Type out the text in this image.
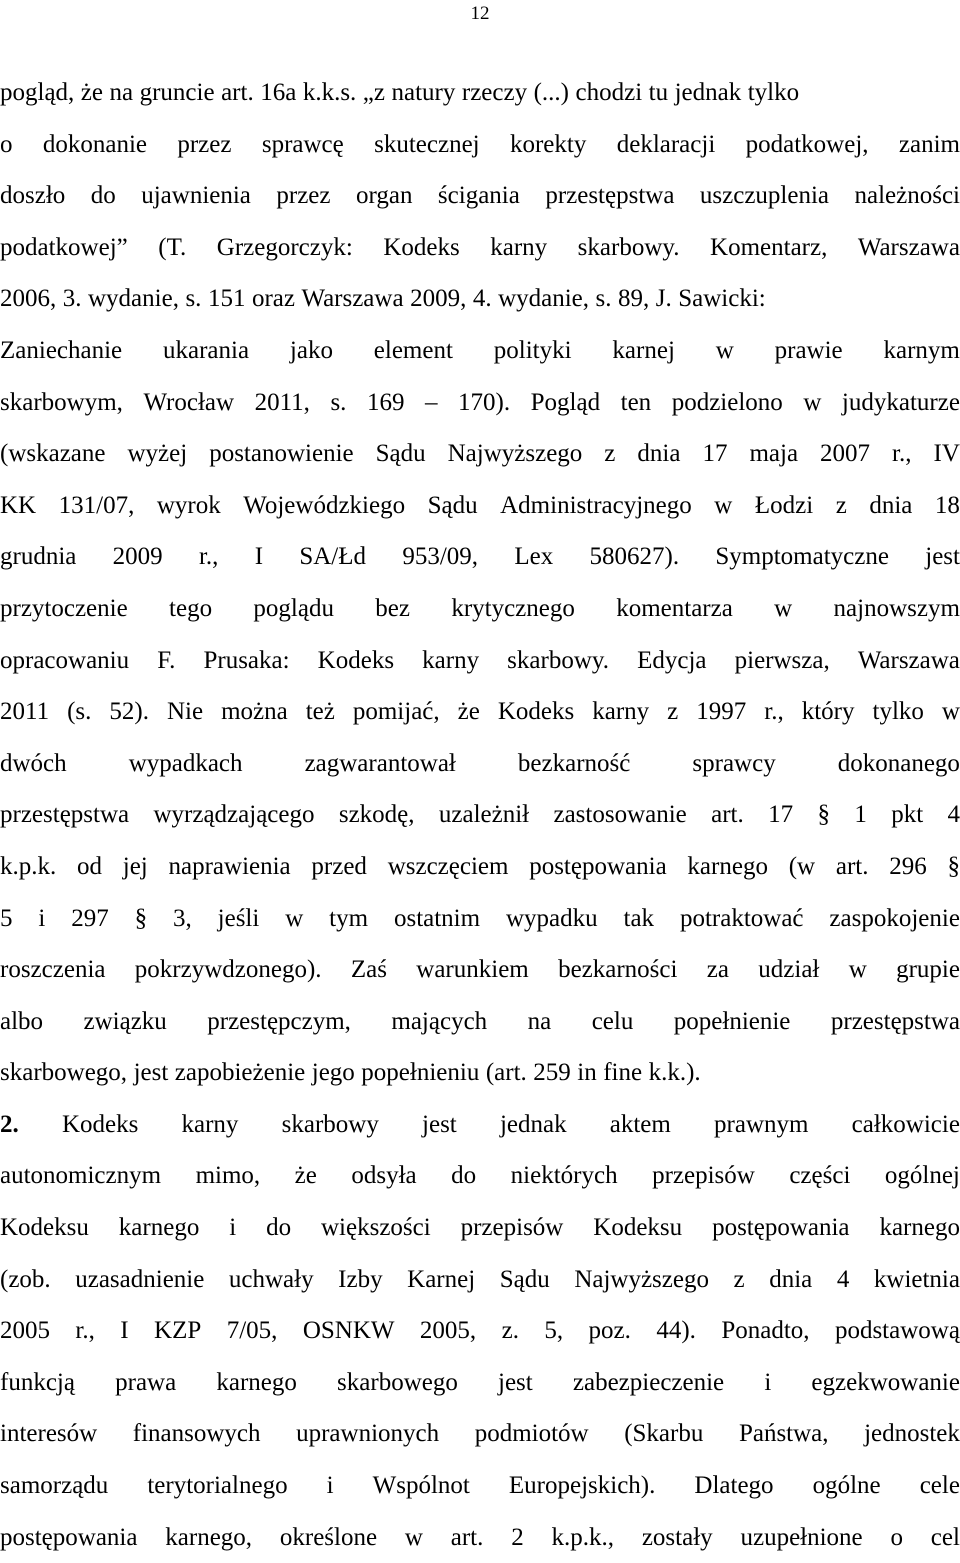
12
pogląd, że na gruncie art. 16a k.k.s. „z natury rzeczy (...) chodzi tu jednak tylko
o dokonanie przez sprawcę skutecznej korekty deklaracji podatkowej, zanim
doszło do ujawnienia przez organ ścigania przestępstwa uszczuplenia należności
podatkowej” (T. Grzegorczyk: Kodeks karny skarbowy. Komentarz, Warszawa
2006, 3. wydanie, s. 151 oraz Warszawa 2009, 4. wydanie, s. 89, J. Sawicki:
Zaniechanie ukarania jako element polityki karnej w prawie karnym
skarbowym, Wrocław 2011, s. 169 – 170). Pogląd ten podzielono w judykaturze
(wskazane wyżej postanowienie Sądu Najwyższego z dnia 17 maja 2007 r., IV
KK 131/07, wyrok Wojewódzkiego Sądu Administracyjnego w Łodzi z dnia 18
grudnia 2009 r., I SA/Łd 953/09, Lex 580627). Symptomatyczne jest
przytoczenie tego poglądu bez krytycznego komentarza w najnowszym
opracowaniu F. Prusaka: Kodeks karny skarbowy. Edycja pierwsza, Warszawa
2011 (s. 52). Nie można też pomijać, że Kodeks karny z 1997 r., który tylko w
dwóch wypadkach zagwarantował bezkarność sprawcy dokonanego
przestępstwa wyrządzającego szkodę, uzależnił zastosowanie art. 17 § 1 pkt 4
k.p.k. od jej naprawienia przed wszczęciem postępowania karnego (w art. 296 §
5 i 297 § 3, jeśli w tym ostatnim wypadku tak potraktować zaspokojenie
roszczenia pokrzywdzonego). Zaś warunkiem bezkarności za udział w grupie
albo związku przestępczym, mających na celu popełnienie przestępstwa
skarbowego, jest zapobieżenie jego popełnieniu (art. 259 in fine k.k.).
2. Kodeks karny skarbowy jest jednak aktem prawnym całkowicie
autonomicznym mimo, że odsyła do niektórych przepisów części ogólnej
Kodeksu karnego i do większości przepisów Kodeksu postępowania karnego
(zob. uzasadnienie uchwały Izby Karnej Sądu Najwyższego z dnia 4 kwietnia
2005 r., I KZP 7/05, OSNKW 2005, z. 5, poz. 44). Ponadto, podstawową
funkcją prawa karnego skarbowego jest zabezpieczenie i egzekwowanie
interesów finansowych uprawnionych podmiotów (Skarbu Państwa, jednostek
samorządu terytorialnego i Wspólnot Europejskich). Dlatego ogólne cele
postępowania karnego, określone w art. 2 k.p.k., zostały uzupełnione o cel
